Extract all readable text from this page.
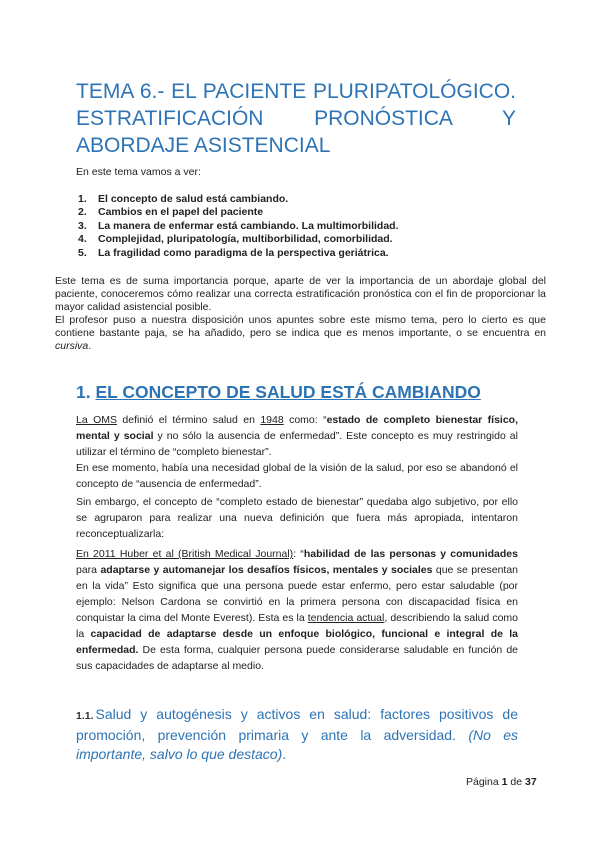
TEMA 6.- EL PACIENTE PLURIPATOLÓGICO.
ESTRATIFICACIÓN PRONÓSTICA Y
ABORDAJE ASISTENCIAL

En este tema vamos a ver:

1. El concepto de salud está cambiando.
2. Cambios en el papel del paciente
3. La manera de enfermar está cambiando. La multimorbilidad.
4. Complejidad, pluripatología, multiborbilidad, comorbilidad.
5. La fragilidad como paradigma de la perspectiva geriátrica.

Este tema es de suma importancia porque, aparte de ver la importancia de un abordaje global del paciente, conoceremos cómo realizar una correcta estratificación pronóstica con el fin de proporcionar la mayor calidad asistencial posible.

El profesor puso a nuestra disposición unos apuntes sobre este mismo tema, pero lo cierto es que contiene bastante paja, se ha añadido, pero se indica que es menos importante, o se encuentra en cursiva.

1. EL CONCEPTO DE SALUD ESTÁ CAMBIANDO

La OMS definió el término salud en 1948 como: “estado de completo bienestar físico, mental y social y no sólo la ausencia de enfermedad”. Este concepto es muy restringido al utilizar el término de “completo bienestar”.

En ese momento, había una necesidad global de la visión de la salud, por eso se abandonó el concepto de “ausencia de enfermedad”.

Sin embargo, el concepto de “completo estado de bienestar” quedaba algo subjetivo, por ello se agruparon para realizar una nueva definición que fuera más apropiada, intentaron reconceptualizarla:

En 2011 Huber et al (British Medical Journal): “habilidad de las personas y comunidades para adaptarse y automanejar los desafíos físicos, mentales y sociales que se presentan en la vida” Esto significa que una persona puede estar enfermo, pero estar saludable (por ejemplo: Nelson Cardona se convirtió en la primera persona con discapacidad física en conquistar la cima del Monte Everest). Esta es la tendencia actual, describiendo la salud como la capacidad de adaptarse desde un enfoque biológico, funcional e integral de la enfermedad. De esta forma, cualquier persona puede considerarse saludable en función de sus capacidades de adaptarse al medio.

1.1. Salud y autogénesis y activos en salud: factores positivos de promoción, prevención primaria y ante la adversidad. (No es importante, salvo lo que destaco).
Página 1 de 37
